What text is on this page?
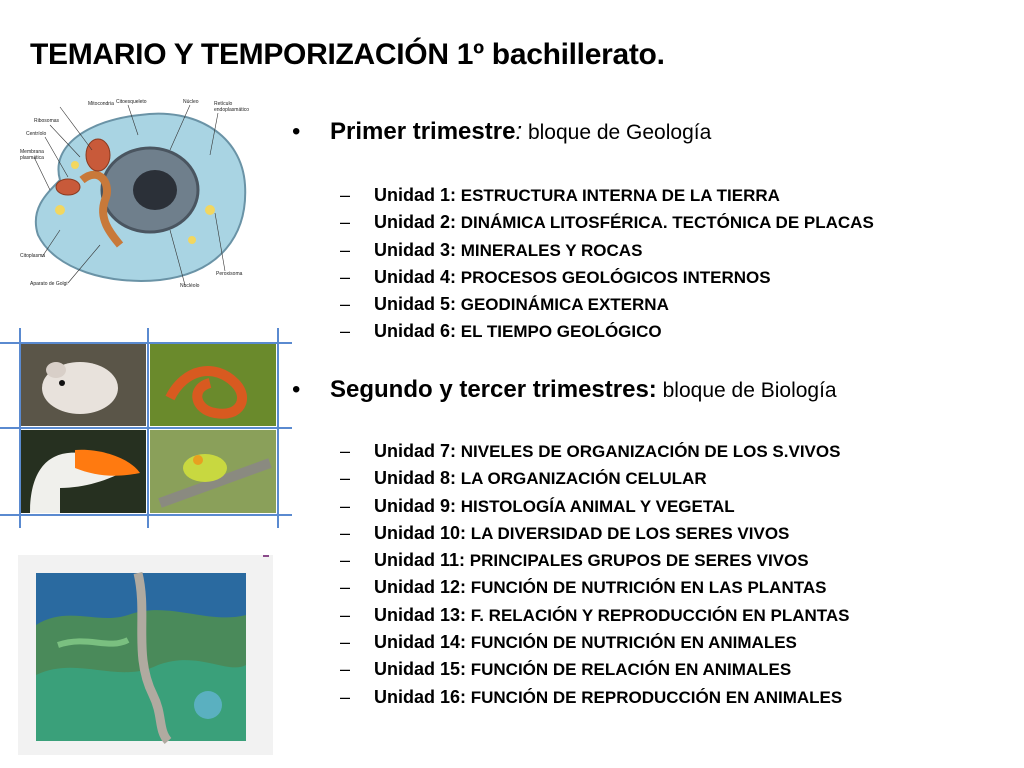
TEMARIO Y TEMPORIZACIÓN 1º bachillerato.
Mitocondria Citoesqueleto	Núcleo	Retículo
endoplasmático
Ribosomas
Centríolo
Membrana
plasmática
Citoplasma
Aparato de Golgi	Nucléolo
Peroxisoma
• Primer trimestre: bloque de Geología
– Unidad 1: ESTRUCTURA INTERNA DE LA TIERRA
– Unidad 2: DINÁMICA LITOSFÉRICA. TECTÓNICA DE PLACAS
– Unidad 3: MINERALES Y ROCAS
– Unidad 4: PROCESOS GEOLÓGICOS INTERNOS
– Unidad 5: GEODINÁMICA EXTERNA
– Unidad 6: EL TIEMPO GEOLÓGICO
• Segundo y tercer trimestres: bloque de Biología
– Unidad 7: NIVELES DE ORGANIZACIÓN DE LOS S.VIVOS
– Unidad 8: LA ORGANIZACIÓN CELULAR
– Unidad 9: HISTOLOGÍA ANIMAL Y VEGETAL
– Unidad 10: LA DIVERSIDAD DE LOS SERES VIVOS
– Unidad 11: PRINCIPALES GRUPOS DE SERES VIVOS
– Unidad 12: FUNCIÓN DE NUTRICIÓN EN LAS PLANTAS
– Unidad 13: F. RELACIÓN Y REPRODUCCIÓN EN PLANTAS
– Unidad 14: FUNCIÓN DE NUTRICIÓN EN ANIMALES
– Unidad 15: FUNCIÓN DE RELACIÓN EN ANIMALES
– Unidad 16: FUNCIÓN DE REPRODUCCIÓN EN ANIMALES
